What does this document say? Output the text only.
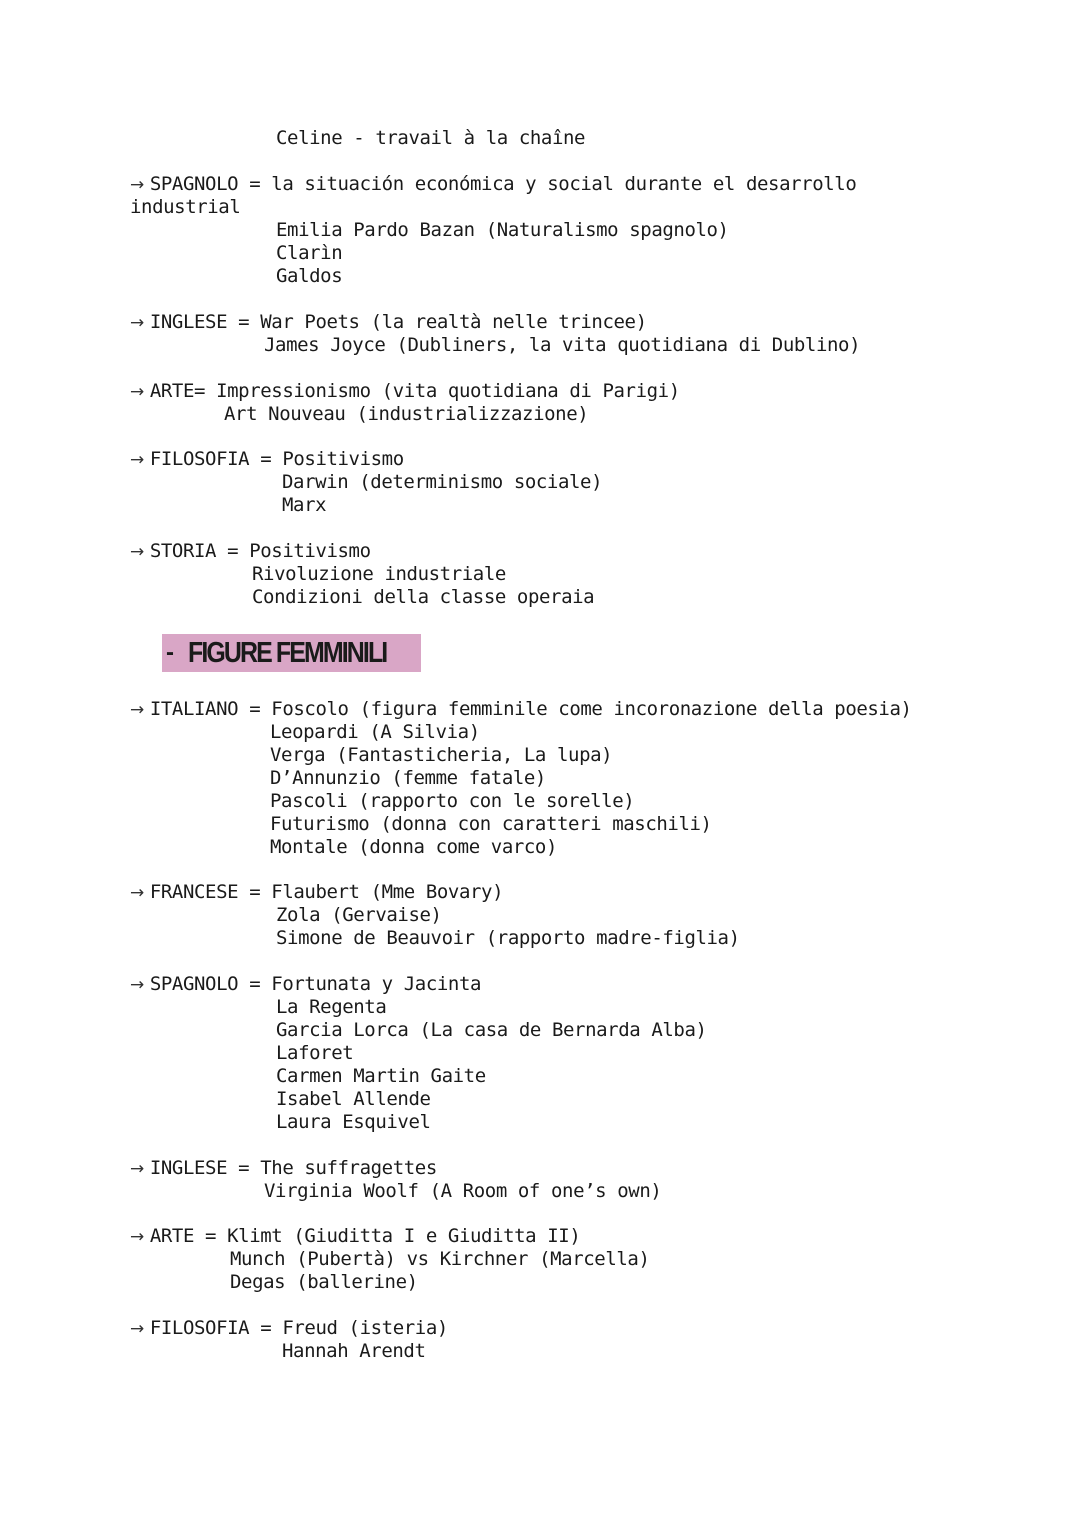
Celine - travail à la chaîne
→ SPAGNOLO = la situación económica y social durante el desarrollo
industrial
Emilia Pardo Bazan (Naturalismo spagnolo)
Clarìn
Galdos
→ INGLESE = War Poets (la realtà nelle trincee)
James Joyce (Dubliners, la vita quotidiana di Dublino)
→ ARTE= Impressionismo (vita quotidiana di Parigi)
Art Nouveau (industrializzazione)
→ FILOSOFIA = Positivismo
Darwin (determinismo sociale)
Marx
→ STORIA = Positivismo
Rivoluzione industriale
Condizioni della classe operaia
- FIGURE FEMMINILI
→ ITALIANO = Foscolo (figura femminile come incoronazione della poesia)
Leopardi (A Silvia)
Verga (Fantasticheria, La lupa)
D’Annunzio (femme fatale)
Pascoli (rapporto con le sorelle)
Futurismo (donna con caratteri maschili)
Montale (donna come varco)
→ FRANCESE = Flaubert (Mme Bovary)
Zola (Gervaise)
Simone de Beauvoir (rapporto madre-figlia)
→ SPAGNOLO = Fortunata y Jacinta
La Regenta
Garcia Lorca (La casa de Bernarda Alba)
Laforet
Carmen Martin Gaite
Isabel Allende
Laura Esquivel
→ INGLESE = The suffragettes
Virginia Woolf (A Room of one’s own)
→ ARTE = Klimt (Giuditta I e Giuditta II)
Munch (Pubertà) vs Kirchner (Marcella)
Degas (ballerine)
→ FILOSOFIA = Freud (isteria)
Hannah Arendt
